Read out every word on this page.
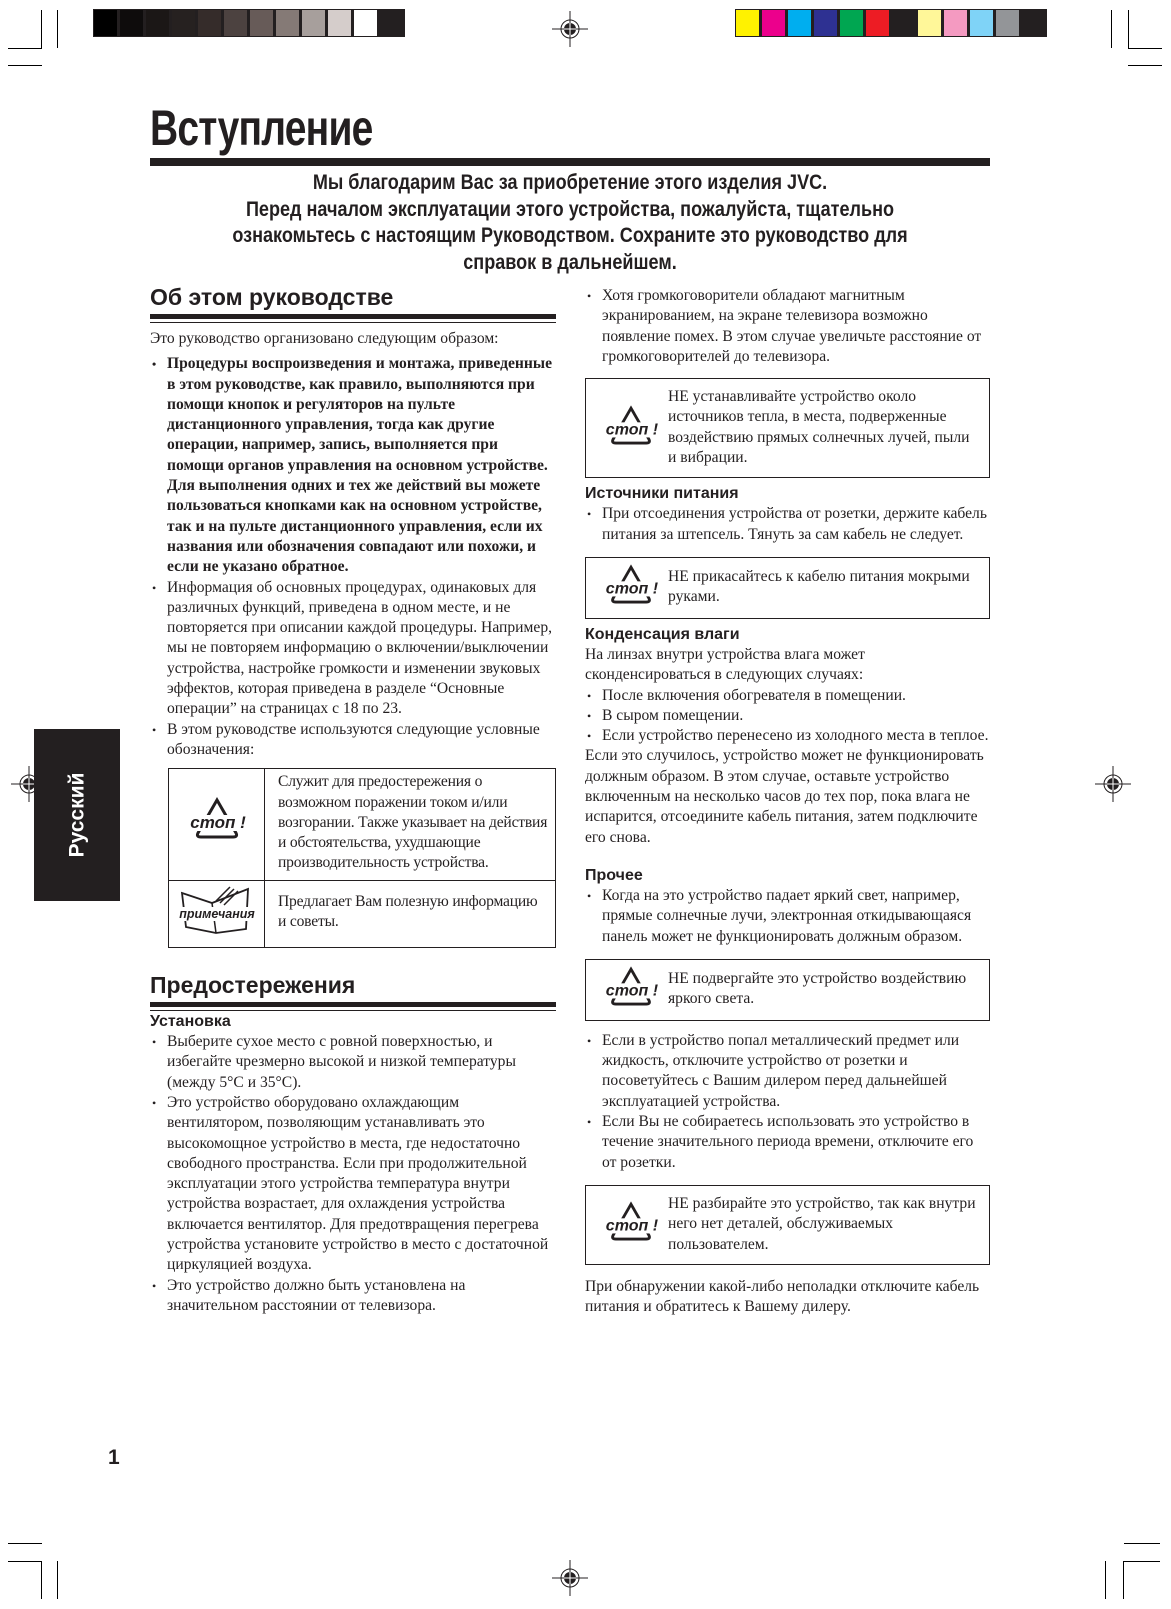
Вступление
Мы благодарим Вас за приобретение этого изделия JVC.
Перед началом эксплуатации этого устройства, пожалуйста, тщательно
ознакомьтесь с настоящим Руководством. Сохраните это руководство для
справок в дальнейшем.
Русский
Об этом руководстве

Это руководство организовано следующим образом:

• Процедуры воспроизведения и монтажа, приведенные в этом руководстве, как правило, выполняются при помощи кнопок и регуляторов на пульте дистанционного управления, тогда как другие операции, например, запись, выполняется при помощи органов управления на основном устройстве. Для выполнения одних и тех же действий вы можете пользоваться кнопками как на основном устройстве, так и на пульте дистанционного управления, если их названия или обозначения совпадают или похожи, и если не указано обратное.
• Информация об основных процедурах, одинаковых для различных функций, приведена в одном месте, и не повторяется при описании каждой процедуры. Например, мы не повторяем информацию о включении/выключении устройства, настройке громкости и изменении звуковых эффектов, которая приведена в разделе “Основные операции” на страницах с 18 по 23.
• В этом руководстве используются следующие условные обозначения:
стоп !	Служит для предостережения о возможном поражении током и/или возгорании. Также указывает на действия и обстоятельства, ухудшающие производительность устройства.

примечания	Предлагает Вам полезную информацию и советы.
Предостережения
Установка
• Выберите сухое место с ровной поверхностью, и избегайте чрезмерно высокой и низкой температуры (между 5°C и 35°C).
• Это устройство оборудовано охлаждающим вентилятором, позволяющим устанавливать это высокомощное устройство в места, где недостаточно свободного пространства. Если при продолжительной эксплуатации этого устройства температура внутри устройства возрастает, для охлаждения устройства включается вентилятор. Для предотвращения перегрева устройства установите устройство в место с достаточной циркуляцией воздуха.
• Это устройство должно быть установлена на значительном расстоянии от телевизора.
• Хотя громкоговорители обладают магнитным экранированием, на экране телевизора возможно появление помех. В этом случае увеличьте расстояние от громкоговорителей до телевизора.
стоп !
НЕ устанавливайте устройство около источников тепла, в места, подверженные воздействию прямых солнечных лучей, пыли и вибрации.
Источники питания
• При отсоединения устройства от розетки, держите кабель питания за штепсель. Тянуть за сам кабель не следует.
стоп !
НЕ прикасайтесь к кабелю питания мокрыми руками.
Конденсация влаги

На линзах внутри устройства влага может сконденсироваться в следующих случаях:

• После включения обогревателя в помещении.
• В сыром помещении.
• Если устройство перенесено из холодного места в теплое.

Если это случилось, устройство может не функционировать должным образом. В этом случае, оставьте устройство включенным на несколько часов до тех пор, пока влага не испарится, отсоедините кабель питания, затем подключите его снова.

Прочее
• Когда на это устройство падает яркий свет, например, прямые солнечные лучи, электронная откидывающаяся панель может не функционировать должным образом.
стоп !
НЕ подвергайте это устройство воздействию яркого света.
• Если в устройство попал металлический предмет или жидкость, отключите устройство от розетки и посоветуйтесь с Вашим дилером перед дальнейшей эксплуатацией устройства.
• Если Вы не собираетесь использовать это устройство в течение значительного периода времени, отключите его от розетки.
стоп !
НЕ разбирайте это устройство, так как внутри него нет деталей, обслуживаемых пользователем.

При обнаружении какой-либо неполадки отключите кабель питания и обратитесь к Вашему дилеру.

1
